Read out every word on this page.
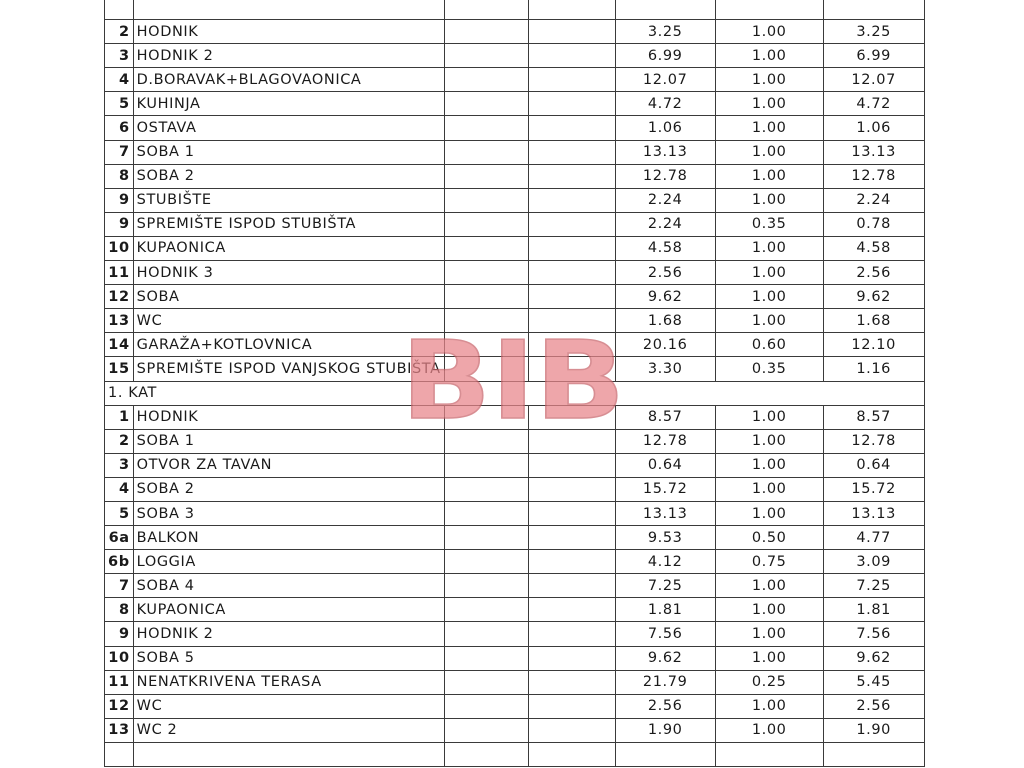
2	HODNIK			3.25	1.00	3.25
3	HODNIK 2			6.99	1.00	6.99
4	D.BORAVAK+BLAGOVAONICA			12.07	1.00	12.07
5	KUHINJA			4.72	1.00	4.72
6	OSTAVA			1.06	1.00	1.06
7	SOBA 1			13.13	1.00	13.13
8	SOBA 2			12.78	1.00	12.78
9	STUBIŠTE			2.24	1.00	2.24
9	SPREMIŠTE ISPOD STUBIŠTA			2.24	0.35	0.78
10	KUPAONICA			4.58	1.00	4.58
11	HODNIK 3			2.56	1.00	2.56
12	SOBA			9.62	1.00	9.62
13	WC			1.68	1.00	1.68
14	GARAŽA+KOTLOVNICA			20.16	0.60	12.10
15	SPREMIŠTE ISPOD VANJSKOG STUBIŠTA			3.30	0.35	1.16
1. KAT						
1	HODNIK			8.57	1.00	8.57
2	SOBA 1			12.78	1.00	12.78
3	OTVOR ZA TAVAN			0.64	1.00	0.64
4	SOBA 2			15.72	1.00	15.72
5	SOBA 3			13.13	1.00	13.13
6a	BALKON			9.53	0.50	4.77
6b	LOGGIA			4.12	0.75	3.09
7	SOBA 4			7.25	1.00	7.25
8	KUPAONICA			1.81	1.00	1.81
9	HODNIK 2			7.56	1.00	7.56
10	SOBA 5			9.62	1.00	9.62
11	NENATKRIVENA TERASA			21.79	0.25	5.45
12	WC			2.56	1.00	2.56
13	WC 2			1.90	1.00	1.90

BIB
